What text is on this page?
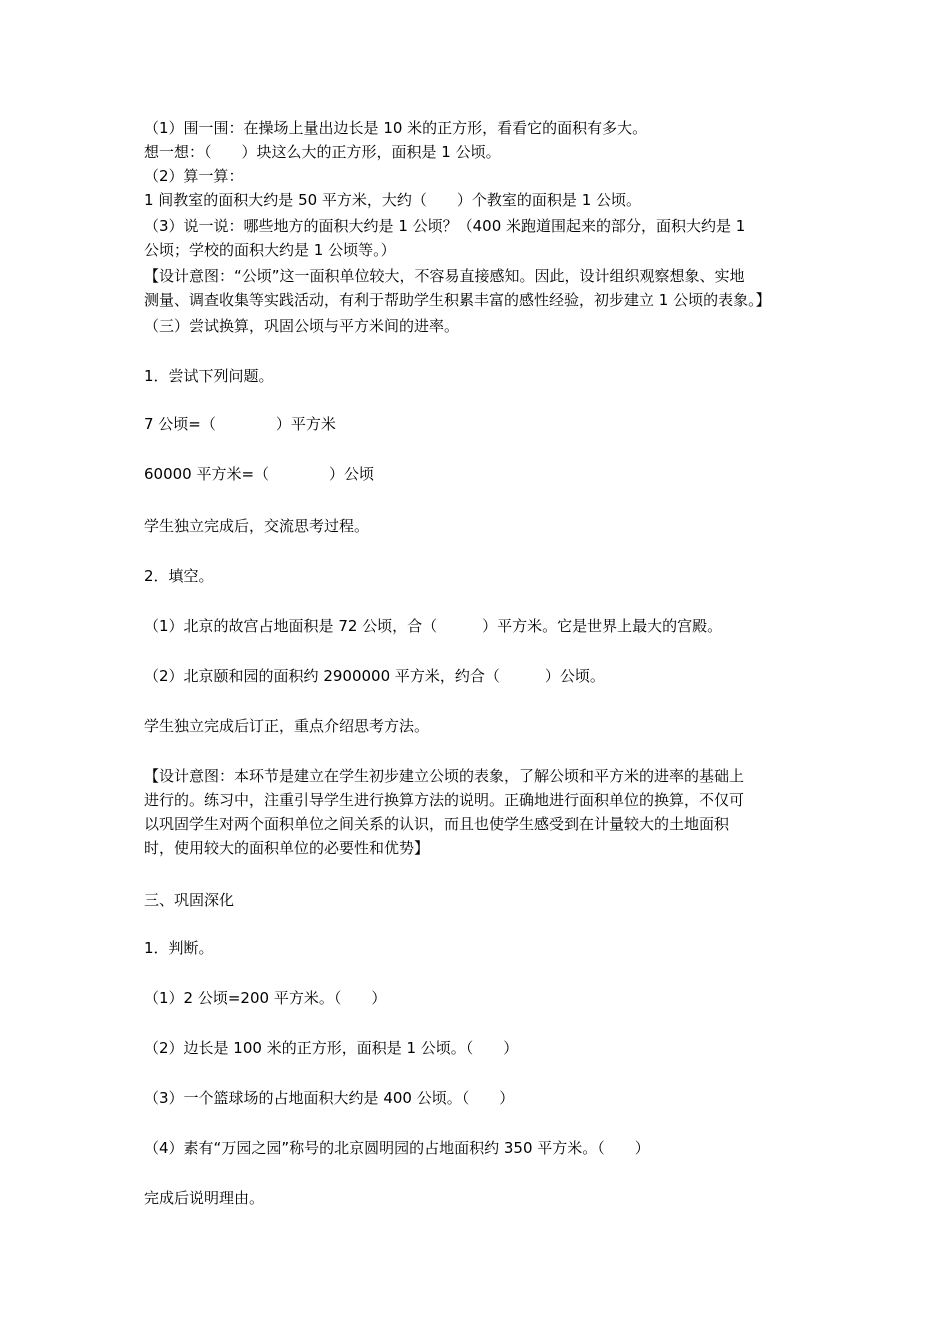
（1）围一围：在操场上量出边长是 10 米的正方形，看看它的面积有多大。
想一想：（　　）块这么大的正方形，面积是 1 公顷。
（2）算一算：
1 间教室的面积大约是 50 平方米，大约（　　）个教室的面积是 1 公顷。
（3）说一说：哪些地方的面积大约是 1 公顷？（400 米跑道围起来的部分，面积大约是 1
公顷；学校的面积大约是 1 公顷等。）
【设计意图：“公顷”这一面积单位较大，不容易直接感知。因此，设计组织观察想象、实地
测量、调查收集等实践活动，有利于帮助学生积累丰富的感性经验，初步建立 1 公顷的表象。】
（三）尝试换算，巩固公顷与平方米间的进率。
1．尝试下列问题。
7 公顷=（　　　　）平方米
60000 平方米=（　　　　）公顷
学生独立完成后，交流思考过程。
2．填空。
（1）北京的故宫占地面积是 72 公顷，合（　　　）平方米。它是世界上最大的宫殿。
（2）北京颐和园的面积约 2900000 平方米，约合（　　　）公顷。
学生独立完成后订正，重点介绍思考方法。
【设计意图：本环节是建立在学生初步建立公顷的表象，了解公顷和平方米的进率的基础上
进行的。练习中，注重引导学生进行换算方法的说明。正确地进行面积单位的换算，不仅可
以巩固学生对两个面积单位之间关系的认识，而且也使学生感受到在计量较大的土地面积
时，使用较大的面积单位的必要性和优势】
三、巩固深化
1．判断。
（1）2 公顷=200 平方米。（　　）
（2）边长是 100 米的正方形，面积是 1 公顷。（　　）
（3）一个篮球场的占地面积大约是 400 公顷。（　　）
（4）素有“万园之园”称号的北京圆明园的占地面积约 350 平方米。（　　）
完成后说明理由。
